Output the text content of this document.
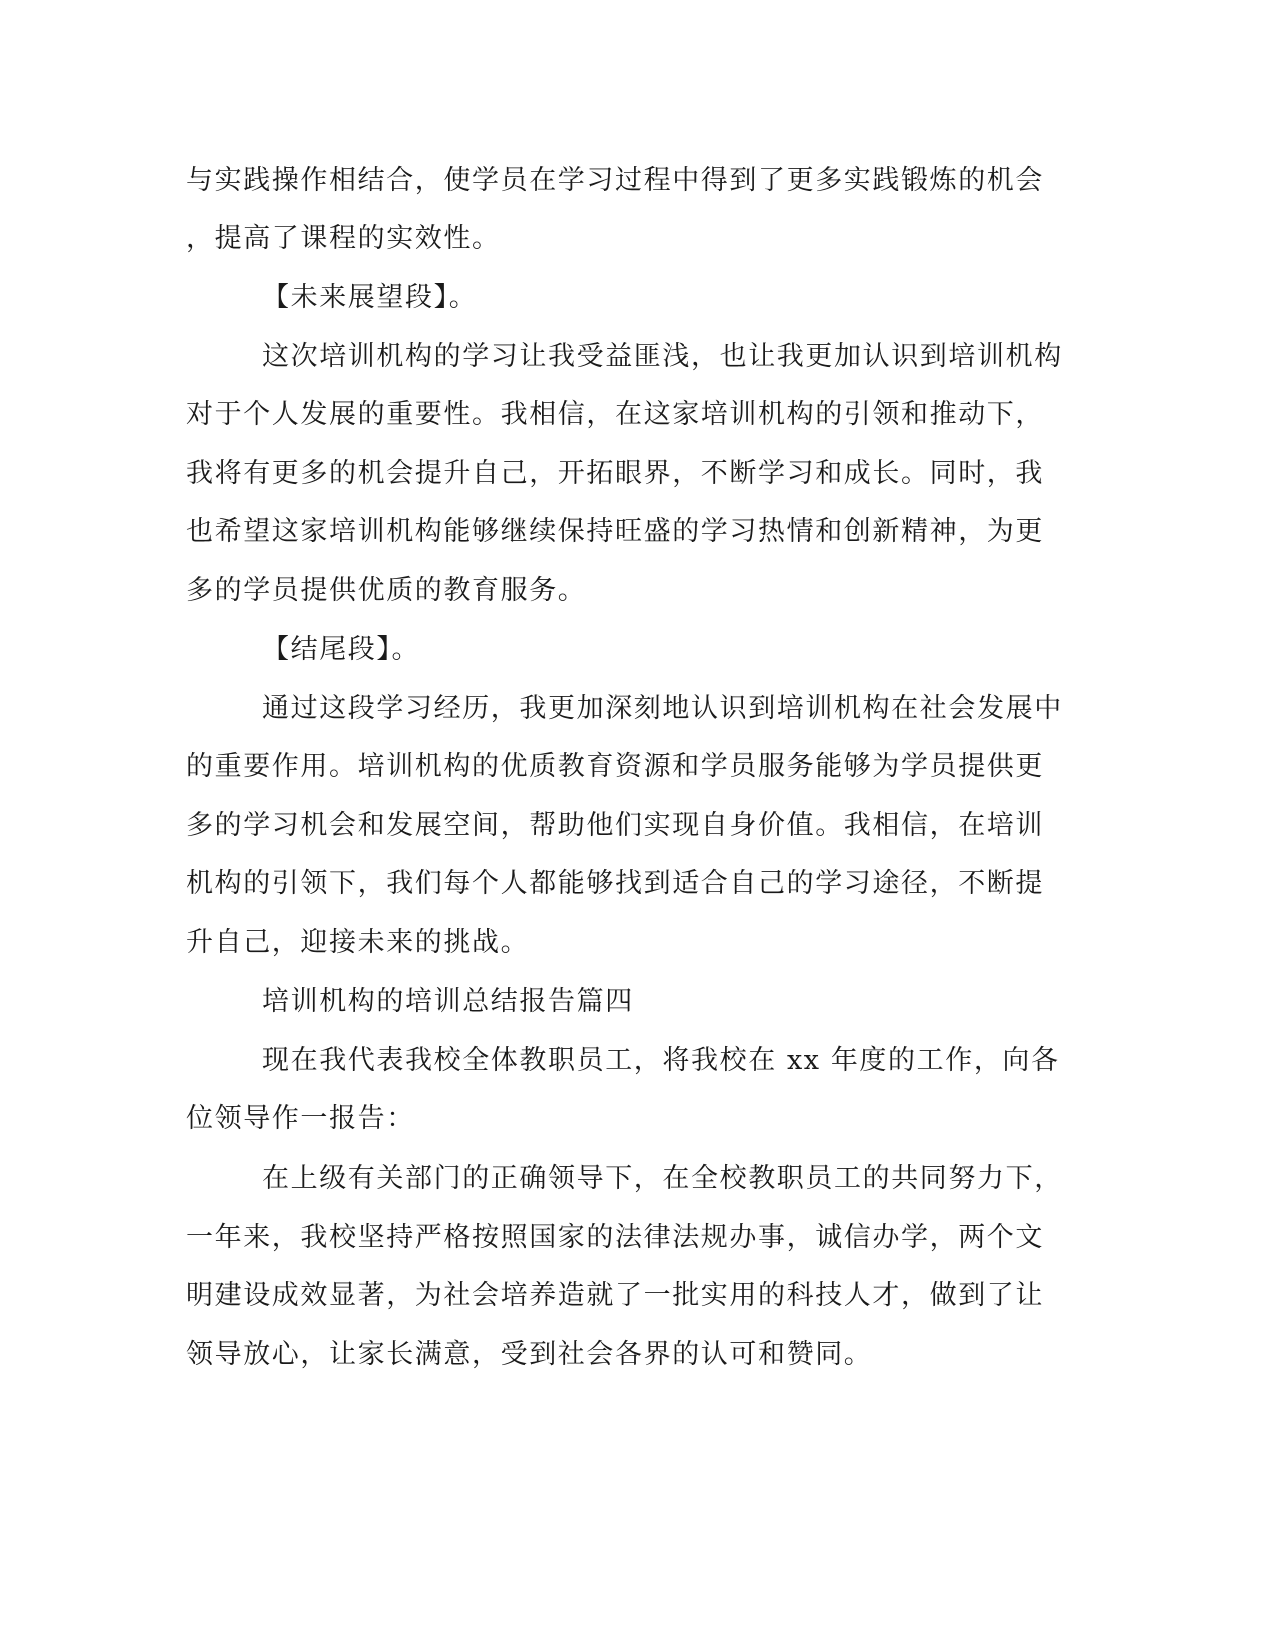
与实践操作相结合，使学员在学习过程中得到了更多实践锻炼的机会
，提高了课程的实效性。
【未来展望段】。
这次培训机构的学习让我受益匪浅，也让我更加认识到培训机构
对于个人发展的重要性。我相信，在这家培训机构的引领和推动下，
我将有更多的机会提升自己，开拓眼界，不断学习和成长。同时，我
也希望这家培训机构能够继续保持旺盛的学习热情和创新精神，为更
多的学员提供优质的教育服务。
【结尾段】。
通过这段学习经历，我更加深刻地认识到培训机构在社会发展中
的重要作用。培训机构的优质教育资源和学员服务能够为学员提供更
多的学习机会和发展空间，帮助他们实现自身价值。我相信，在培训
机构的引领下，我们每个人都能够找到适合自己的学习途径，不断提
升自己，迎接未来的挑战。
培训机构的培训总结报告篇四
现在我代表我校全体教职员工，将我校在 xx 年度的工作，向各
位领导作一报告：
在上级有关部门的正确领导下，在全校教职员工的共同努力下，
一年来，我校坚持严格按照国家的法律法规办事，诚信办学，两个文
明建设成效显著，为社会培养造就了一批实用的科技人才，做到了让
领导放心，让家长满意，受到社会各界的认可和赞同。
